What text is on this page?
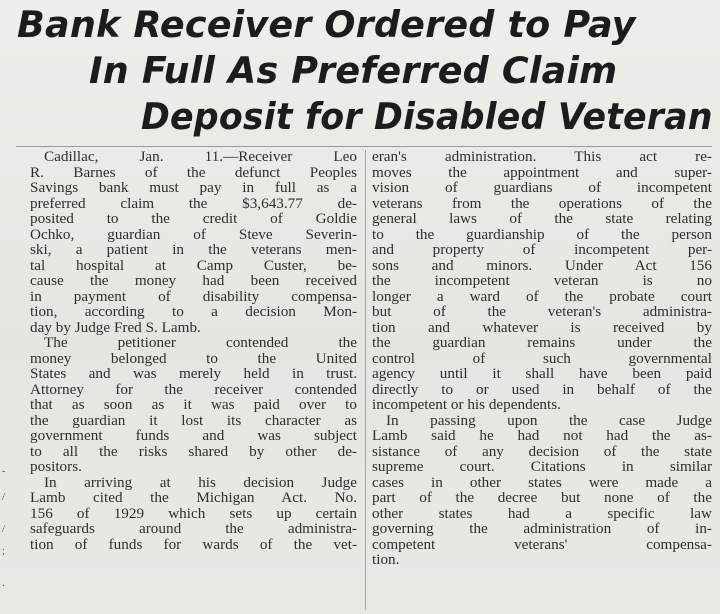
-
/
/
;
.
Bank Receiver Ordered to Pay
In Full As Preferred Claim
Deposit for Disabled Veteran
Cadillac, Jan. 11.—Receiver Leo
R. Barnes of the defunct Peoples
Savings bank must pay in full as a
preferred claim the $3,643.77 de-
posited to the credit of Goldie
Ochko, guardian of Steve Severin-
ski, a patient in the veterans men-
tal hospital at Camp Custer, be-
cause the money had been received
in payment of disability compensa-
tion, according to a decision Mon-
day by Judge Fred S. Lamb.
The petitioner contended the
money belonged to the United
States and was merely held in trust.
Attorney for the receiver contended
that as soon as it was paid over to
the guardian it lost its character as
government funds and was subject
to all the risks shared by other de-
positors.
In arriving at his decision Judge
Lamb cited the Michigan Act. No.
156 of 1929 which sets up certain
safeguards around the administra-
tion of funds for wards of the vet-
eran's administration. This act re-
moves the appointment and super-
vision of guardians of incompetent
veterans from the operations of the
general laws of the state relating
to the guardianship of the person
and property of incompetent per-
sons and minors. Under Act 156
the incompetent veteran is no
longer a ward of the probate court
but of the veteran's administra-
tion and whatever is received by
the guardian remains under the
control of such governmental
agency until it shall have been paid
directly to or used in behalf of the
incompetent or his dependents.
In passing upon the case Judge
Lamb said he had not had the as-
sistance of any decision of the state
supreme court. Citations in similar
cases in other states were made a
part of the decree but none of the
other states had a specific law
governing the administration of in-
competent veterans' compensa-
tion.
